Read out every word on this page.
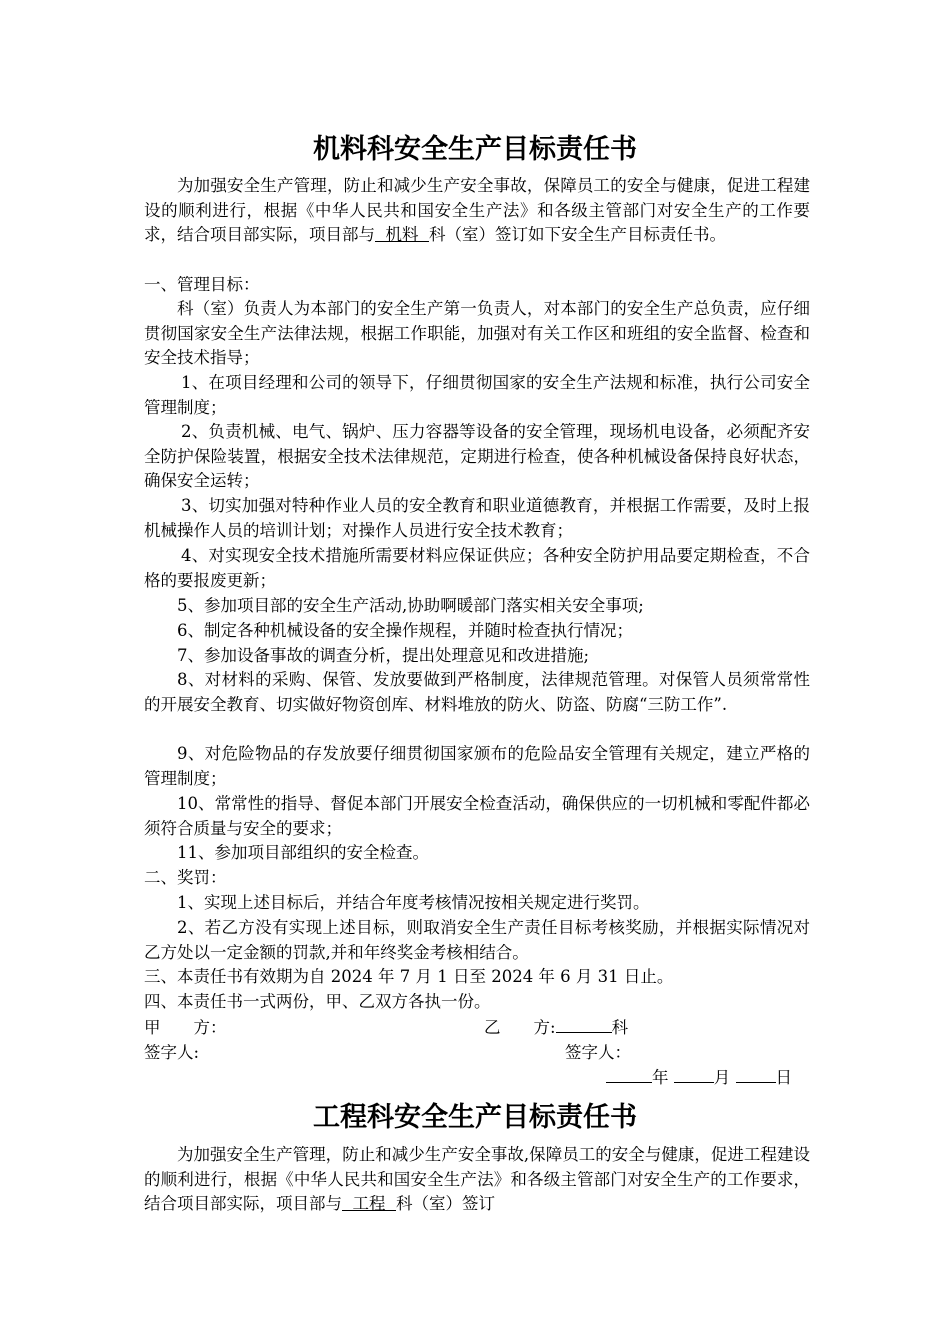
机料科安全生产目标责任书

为加强安全生产管理，防止和减少生产安全事故，保障员工的安全与健康，促进工程建设的顺利进行，根据《中华人民共和国安全生产法》和各级主管部门对安全生产的工作要求，结合项目部实际，项目部与  机料  科（室）签订如下安全生产目标责任书。

一、管理目标：

科（室）负责人为本部门的安全生产第一负责人，对本部门的安全生产总负责，应仔细贯彻国家安全生产法律法规，根据工作职能，加强对有关工作区和班组的安全监督、检查和安全技术指导；

1、在项目经理和公司的领导下，仔细贯彻国家的安全生产法规和标准，执行公司安全管理制度；

2、负责机械、电气、锅炉、压力容器等设备的安全管理，现场机电设备，必须配齐安全防护保险装置，根据安全技术法律规范，定期进行检查，使各种机械设备保持良好状态，确保安全运转；

3、切实加强对特种作业人员的安全教育和职业道德教育，并根据工作需要，及时上报机械操作人员的培训计划；对操作人员进行安全技术教育；

4、对实现安全技术措施所需要材料应保证供应；各种安全防护用品要定期检查，不合格的要报废更新；

5、参加项目部的安全生产活动,协助啊暖部门落实相关安全事项;

6、制定各种机械设备的安全操作规程，并随时检查执行情况；

7、参加设备事故的调查分析，提出处理意见和改进措施;

8、对材料的采购、保管、发放要做到严格制度，法律规范管理。对保管人员须常常性的开展安全教育、切实做好物资创库、材料堆放的防火、防盗、防腐“三防工作”.

9、对危险物品的存发放要仔细贯彻国家颁布的危险品安全管理有关规定，建立严格的管理制度；

10、常常性的指导、督促本部门开展安全检查活动，确保供应的一切机械和零配件都必须符合质量与安全的要求；

11、参加项目部组织的安全检查。

二、奖罚：

1、实现上述目标后，并结合年度考核情况按相关规定进行奖罚。

2、若乙方没有实现上述目标，则取消安全生产责任目标考核奖励，并根据实际情况对乙方处以一定金额的罚款,并和年终奖金考核相结合。

三、本责任书有效期为自 2024 年 7 月 1 日至 2024 年 6 月 31 日止。

四、本责任书一式两份，甲、乙双方各执一份。

甲　　方：	乙　　方:	科
签字人:	签字人：
年	月	日
工程科安全生产目标责任书

为加强安全生产管理，防止和减少生产安全事故,保障员工的安全与健康，促进工程建设的顺利进行，根据《中华人民共和国安全生产法》和各级主管部门对安全生产的工作要求，结合项目部实际，项目部与  工程  科（室）签订
